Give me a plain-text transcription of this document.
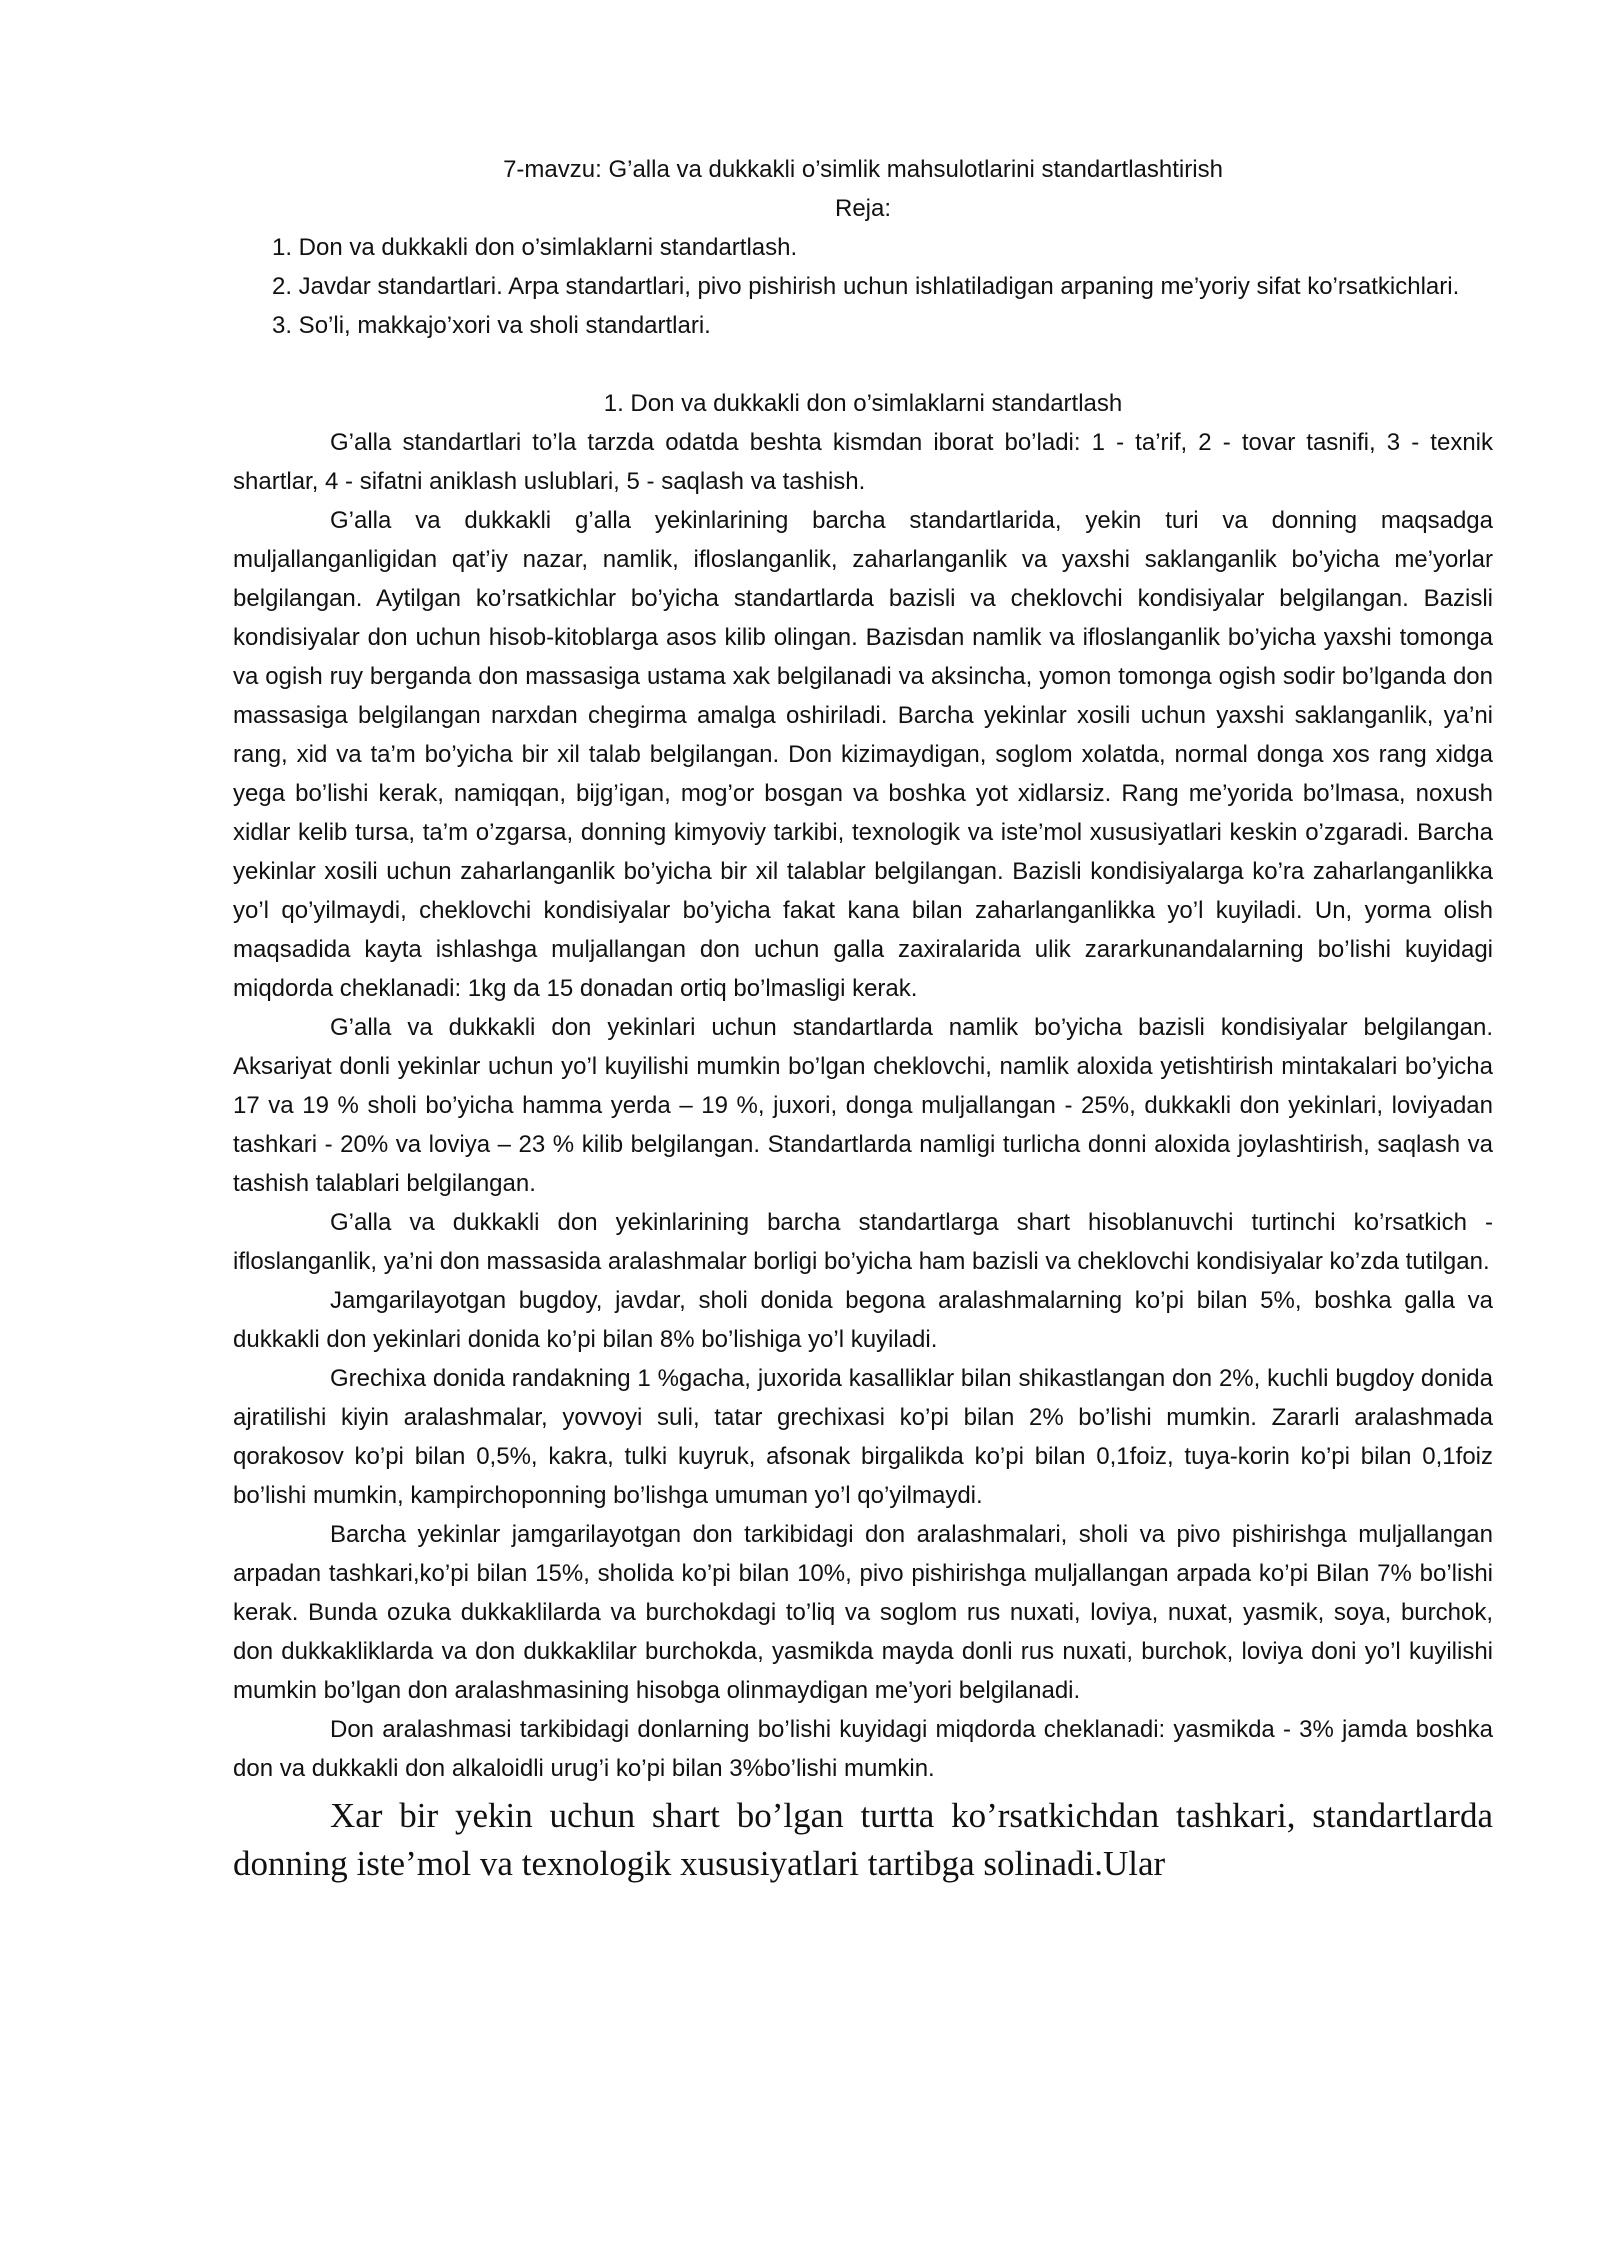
7-mavzu: G’alla va dukkakli o’simlik mahsulotlarini standartlashtirish

Reja:

1. Don va dukkakli don o’simlaklarni standartlash.
2. Javdar standartlari. Arpa standartlari, pivo pishirish uchun ishlatiladigan arpaning me’yoriy sifat ko’rsatkichlari.
3. So’li, makkajo’xori va sholi standartlari.
1. Don va dukkakli don o’simlaklarni standartlash

G’alla standartlari to’la tarzda odatda beshta kismdan iborat bo’ladi: 1 - ta’rif, 2 - tovar tasnifi, 3 - texnik shartlar, 4 - sifatni aniklash uslublari, 5 - saqlash va tashish.

G’alla va dukkakli g’alla yekinlarining barcha standartlarida, yekin turi va donning maqsadga muljallanganligidan qat’iy nazar, namlik, ifloslanganlik, zaharlanganlik va yaxshi saklanganlik bo’yicha me’yorlar belgilangan. Aytilgan ko’rsatkichlar bo’yicha standartlarda bazisli va cheklovchi kondisiyalar belgilangan. Bazisli kondisiyalar don uchun hisob-kitoblarga asos kilib olingan. Bazisdan namlik va ifloslanganlik bo’yicha yaxshi tomonga va ogish ruy berganda don massasiga ustama xak belgilanadi va aksincha, yomon tomonga ogish sodir bo’lganda don massasiga belgilangan narxdan chegirma amalga oshiriladi. Barcha yekinlar xosili uchun yaxshi saklanganlik, ya’ni rang, xid va ta’m bo’yicha bir xil talab belgilangan. Don kizimaydigan, soglom xolatda, normal donga xos rang xidga yega bo’lishi kerak, namiqqan, bijg’igan, mog’or bosgan va boshka yot xidlarsiz. Rang me’yorida bo’lmasa, noxush xidlar kelib tursa, ta’m o’zgarsa, donning kimyoviy tarkibi, texnologik va iste’mol xususiyatlari keskin o’zgaradi. Barcha yekinlar xosili uchun zaharlanganlik bo’yicha bir xil talablar belgilangan. Bazisli kondisiyalarga ko’ra zaharlanganlikka yo’l qo’yilmaydi, cheklovchi kondisiyalar bo’yicha fakat kana bilan zaharlanganlikka yo’l kuyiladi. Un, yorma olish maqsadida kayta ishlashga muljallangan don uchun galla zaxiralarida ulik zararkunandalarning bo’lishi kuyidagi miqdorda cheklanadi: 1kg da 15 donadan ortiq bo’lmasligi kerak.

G’alla va dukkakli don yekinlari uchun standartlarda namlik bo’yicha bazisli kondisiyalar belgilangan. Aksariyat donli yekinlar uchun yo’l kuyilishi mumkin bo’lgan cheklovchi, namlik aloxida yetishtirish mintakalari bo’yicha 17 va 19 % sholi bo’yicha hamma yerda – 19 %, juxori, donga muljallangan - 25%, dukkakli don yekinlari, loviyadan tashkari - 20% va loviya – 23 % kilib belgilangan. Standartlarda namligi turlicha donni aloxida joylashtirish, saqlash va tashish talablari belgilangan.

G’alla va dukkakli don yekinlarining barcha standartlarga shart hisoblanuvchi turtinchi ko’rsatkich - ifloslanganlik, ya’ni don massasida aralashmalar borligi bo’yicha ham bazisli va cheklovchi kondisiyalar ko’zda tutilgan.

Jamgarilayotgan bugdoy, javdar, sholi donida begona aralashmalarning ko’pi bilan 5%, boshka galla va dukkakli don yekinlari donida ko’pi bilan 8% bo’lishiga yo’l kuyiladi.

Grechixa donida randakning 1 %gacha, juxorida kasalliklar bilan shikastlangan don 2%, kuchli bugdoy donida ajratilishi kiyin aralashmalar, yovvoyi suli, tatar grechixasi ko’pi bilan 2% bo’lishi mumkin. Zararli aralashmada qorakosov ko’pi bilan 0,5%, kakra, tulki kuyruk, afsonak birgalikda ko’pi bilan 0,1foiz, tuya-korin ko’pi bilan 0,1foiz bo’lishi mumkin, kampirchoponning bo’lishga umuman yo’l qo’yilmaydi.

Barcha yekinlar jamgarilayotgan don tarkibidagi don aralashmalari, sholi va pivo pishirishga muljallangan arpadan tashkari,ko’pi bilan 15%, sholida ko’pi bilan 10%, pivo pishirishga muljallangan arpada ko’pi Bilan 7% bo’lishi kerak. Bunda ozuka dukkaklilarda va burchokdagi to’liq va soglom rus nuxati, loviya, nuxat, yasmik, soya, burchok, don dukkakliklarda va don dukkaklilar burchokda, yasmikda mayda donli rus nuxati, burchok, loviya doni yo’l kuyilishi mumkin bo’lgan don aralashmasining hisobga olinmaydigan me’yori belgilanadi.

Don aralashmasi tarkibidagi donlarning bo’lishi kuyidagi miqdorda cheklanadi: yasmikda - 3% jamda boshka don va dukkakli don alkaloidli urug’i ko’pi bilan 3%bo’lishi mumkin.

Xar bir yekin uchun shart bo’lgan turtta ko’rsatkichdan tashkari, standartlarda donning iste’mol va texnologik xususiyatlari tartibga solinadi.Ular
